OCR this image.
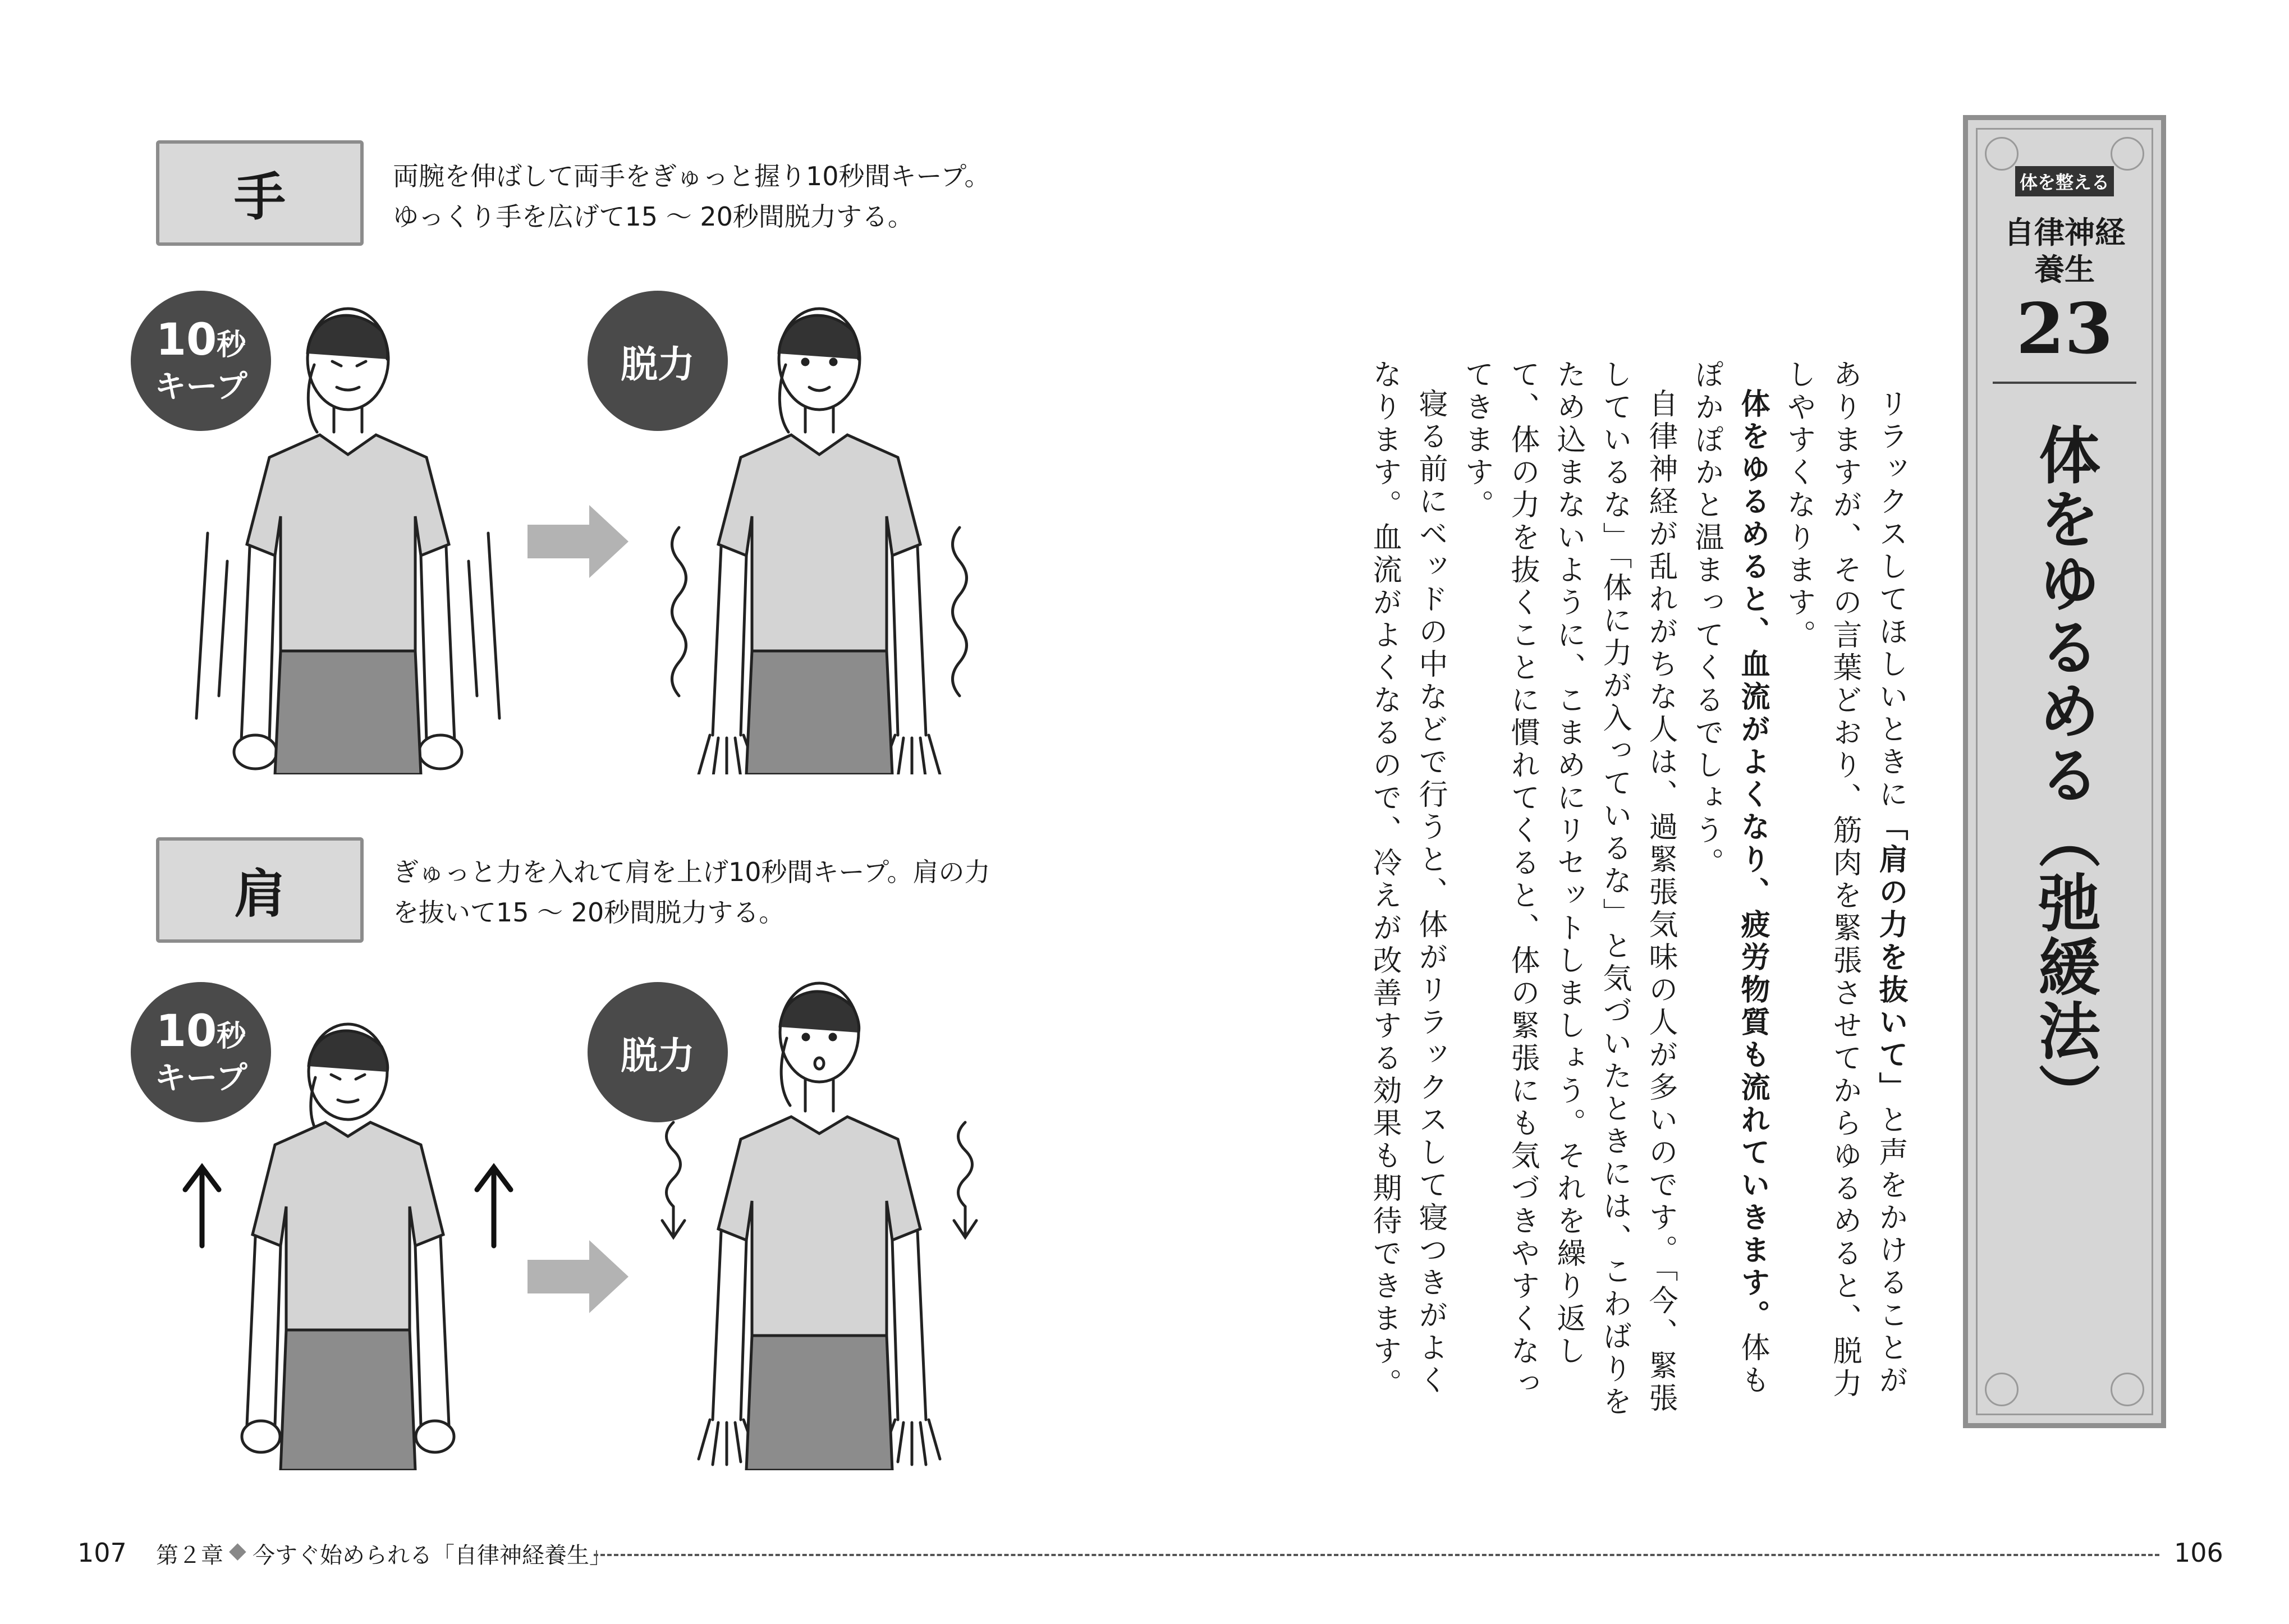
手	両腕を伸ばして両手をぎゅっと握り10秒間キープ。
ゆっくり手を広げて15 〜 20秒間脱力する。
10秒
キープ
脱力
肩	ぎゅっと力を入れて肩を上げ10秒間キープ。肩の力
を抜いて15 〜 20秒間脱力する。
10秒
キープ
脱力

リラックスしてほしいときに「肩の力を抜いて」と声をかけることがありますが、その言葉どおり、筋肉を緊張させてからゆるめると、脱力しやすくなります。

体をゆるめると、血流がよくなり、疲労物質も流れていきます。体もぽかぽかと温まってくるでしょう。

自律神経が乱れがちな人は、過緊張気味の人が多いのです。「今、緊張しているな」「体に力が入っているな」と気づいたときには、こわばりをため込まないように、こまめにリセットしましょう。それを繰り返して、体の力を抜くことに慣れてくると、体の緊張にも気づきやすくなってきます。

寝る前にベッドの中などで行うと、体がリラックスして寝つきがよくなります。血流がよくなるので、冷えが改善する効果も期待できます。

体を整える
自律神経
養生
23
体をゆるめる（弛緩法）
107 第２章 ◆ 今すぐ始められる「自律神経養生」	106
